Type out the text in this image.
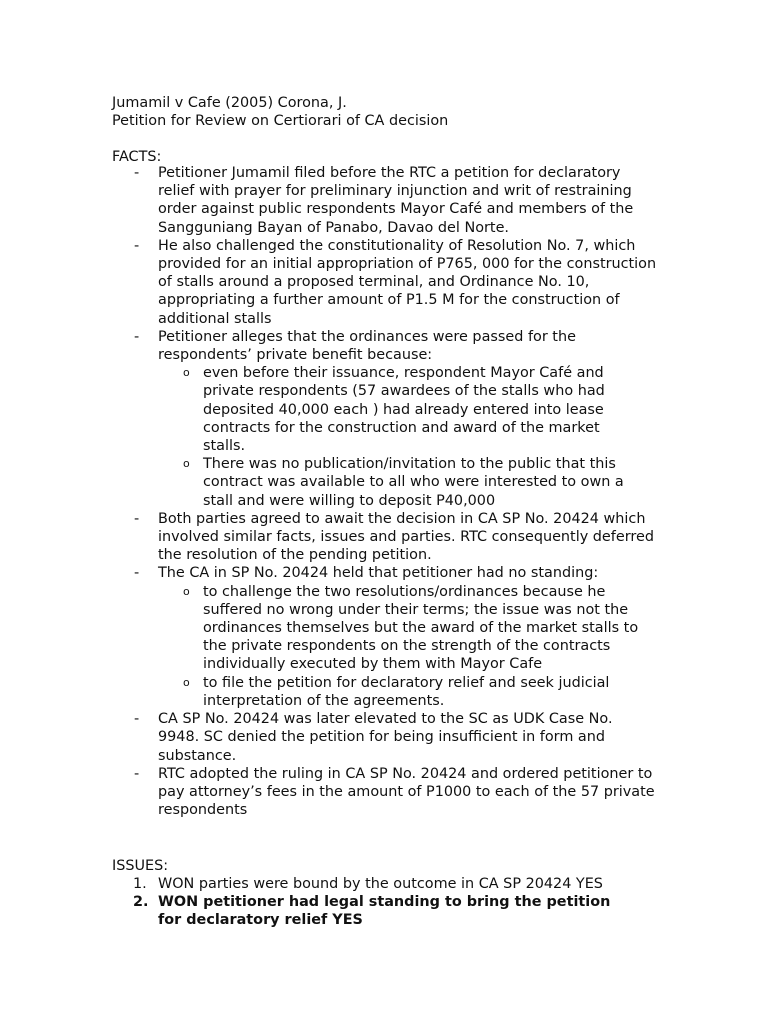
Jumamil v Cafe (2005) Corona, J.
Petition for Review on Certiorari of CA decision
FACTS:
- Petitioner Jumamil filed before the RTC a petition for declaratory relief with prayer for preliminary injunction and writ of restraining order against public respondents Mayor Café and members of the Sangguniang Bayan of Panabo, Davao del Norte.
- He also challenged the constitutionality of Resolution No. 7, which provided for an initial appropriation of P765, 000 for the construction of stalls around a proposed terminal, and Ordinance No. 10, appropriating a further amount of P1.5 M for the construction of additional stalls
- Petitioner alleges that the ordinances were passed for the respondents’ private benefit because:
o even before their issuance, respondent Mayor Café and private respondents (57 awardees of the stalls who had deposited 40,000 each ) had already entered into lease contracts for the construction and award of the market stalls.
o There was no publication/invitation to the public that this contract was available to all who were interested to own a stall and were willing to deposit P40,000
- Both parties agreed to await the decision in CA SP No. 20424 which involved similar facts, issues and parties. RTC consequently deferred the resolution of the pending petition.
- The CA in SP No. 20424 held that petitioner had no standing:
o to challenge the two resolutions/ordinances because he suffered no wrong under their terms; the issue was not the ordinances themselves but the award of the market stalls to the private respondents on the strength of the contracts individually executed by them with Mayor Cafe
o to file the petition for declaratory relief and seek judicial interpretation of the agreements.
- CA SP No. 20424 was later elevated to the SC as UDK Case No. 9948. SC denied the petition for being insufficient in form and substance.
- RTC adopted the ruling in CA SP No. 20424 and ordered petitioner to pay attorney’s fees in the amount of P1000 to each of the 57 private respondents
ISSUES:
1. WON parties were bound by the outcome in CA SP 20424 YES
2. WON petitioner had legal standing to bring the petition for declaratory relief YES
